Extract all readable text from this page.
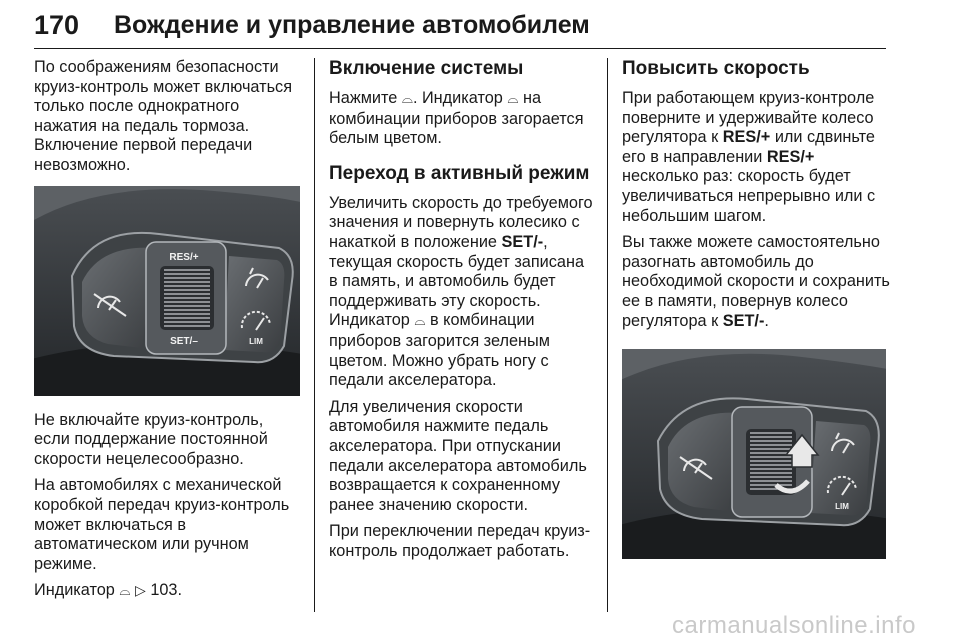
170	Вождение и управление автомобилем

По соображениям безопасности круиз-контроль может включаться только после однократного нажатия на педаль тормоза. Включение первой передачи невозможно.

RES/+
SET/–	LIM

Не включайте круиз-контроль, если поддержание постоянной скорости нецелесообразно.

На автомобилях с механической коробкой передач круиз-контроль может включаться в автоматическом или ручном режиме.

Индикатор ⌓ ▷ 103.

Включение системы

Нажмите ⌓. Индикатор ⌓ на комбинации приборов загорается белым цветом.

Переход в активный режим

Увеличить скорость до требуемого значения и повернуть колесико с накаткой в положение SET/-, текущая скорость будет записана в память, и автомобиль будет поддерживать эту скорость. Индикатор ⌓ в комбинации приборов загорится зеленым цветом. Можно убрать ногу с педали акселератора.

Для увеличения скорости автомобиля нажмите педаль акселератора. При отпускании педали акселератора автомобиль возвращается к сохраненному ранее значению скорости.

При переключении передач круиз-контроль продолжает работать.

Повысить скорость

При работающем круиз-контроле поверните и удерживайте колесо регулятора к RES/+ или сдвиньте его в направлении RES/+ несколько раз: скорость будет увеличиваться непрерывно или с небольшим шагом.

Вы также можете самостоятельно разогнать автомобиль до необходимой скорости и сохранить ее в памяти, повернув колесо регулятора к SET/-.

LIM
carmanualsonline.info
